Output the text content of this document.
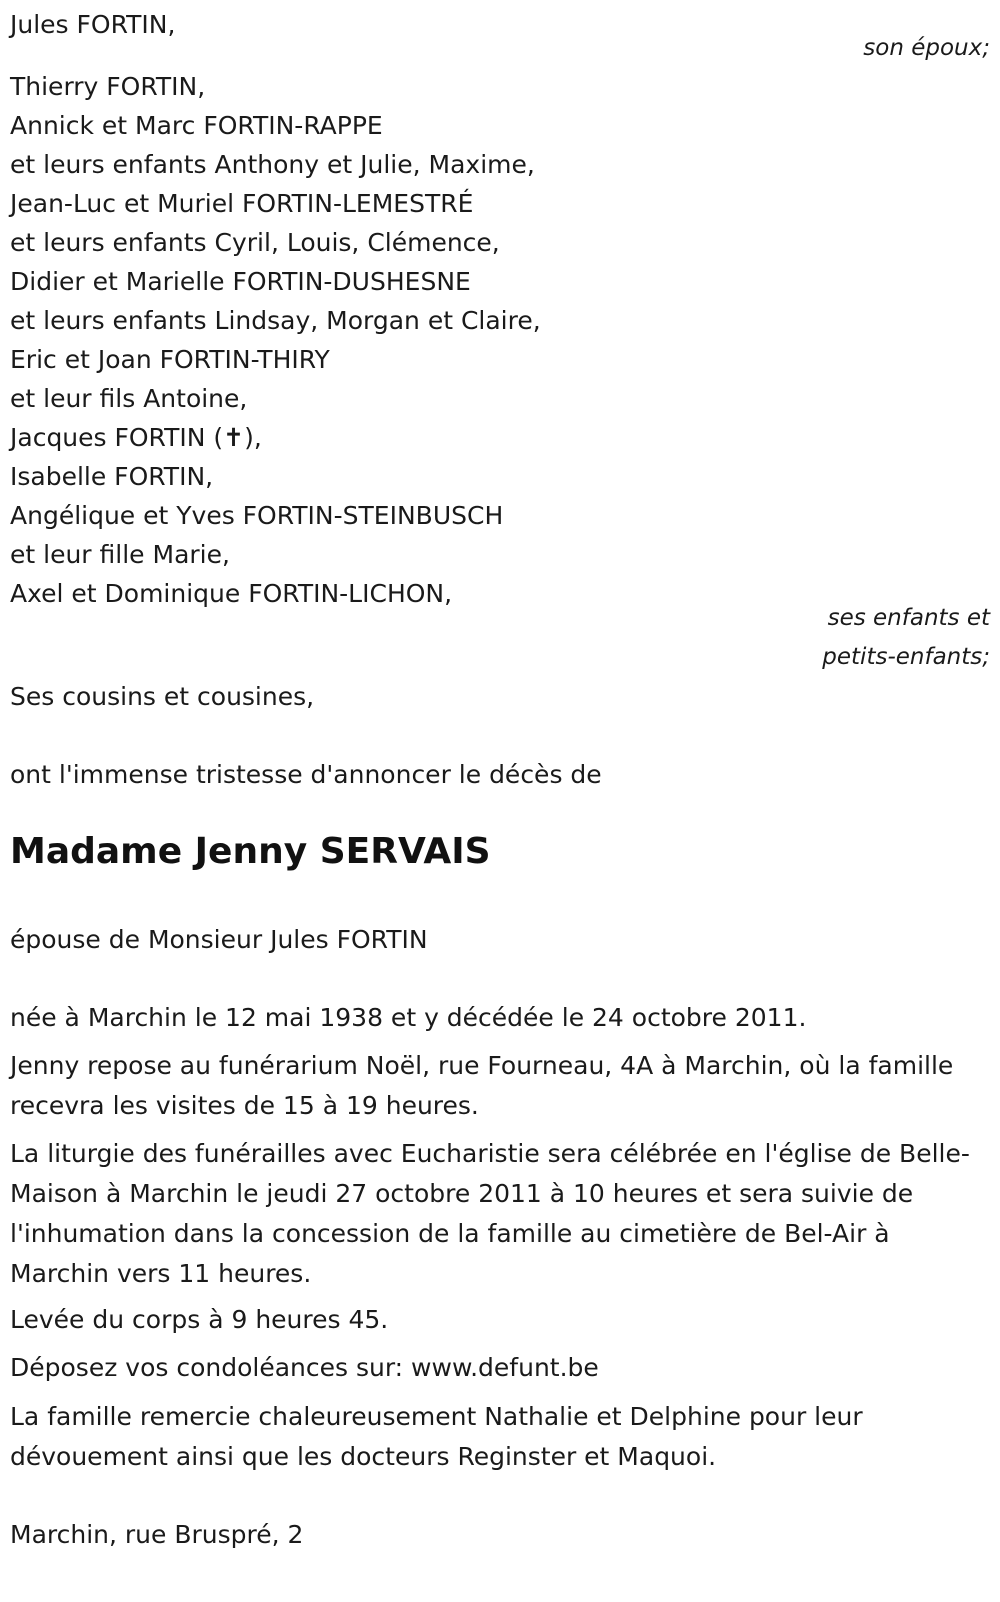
Jules FORTIN,
son époux;
Thierry FORTIN,
Annick et Marc FORTIN-RAPPE
et leurs enfants Anthony et Julie, Maxime,
Jean-Luc et Muriel FORTIN-LEMESTRÉ
et leurs enfants Cyril, Louis, Clémence,
Didier et Marielle FORTIN-DUSHESNE
et leurs enfants Lindsay, Morgan et Claire,
Eric et Joan FORTIN-THIRY
et leur fils Antoine,
Jacques FORTIN (✝),
Isabelle FORTIN,
Angélique et Yves FORTIN-STEINBUSCH
et leur fille Marie,
Axel et Dominique FORTIN-LICHON,
ses enfants et
petits-enfants;
Ses cousins et cousines,
ont l'immense tristesse d'annoncer le décès de
Madame Jenny SERVAIS
épouse de Monsieur Jules FORTIN
née à Marchin le 12 mai 1938 et y décédée le 24 octobre 2011.

Jenny repose au funérarium Noël, rue Fourneau, 4A à Marchin, où la famille recevra les visites de 15 à 19 heures.

La liturgie des funérailles avec Eucharistie sera célébrée en l'église de Belle-Maison à Marchin le jeudi 27 octobre 2011 à 10 heures et sera suivie de l'inhumation dans la concession de la famille au cimetière de Bel-Air à Marchin vers 11 heures.

Levée du corps à 9 heures 45.
Déposez vos condoléances sur: www.defunt.be

La famille remercie chaleureusement Nathalie et Delphine pour leur dévouement ainsi que les docteurs Reginster et Maquoi.

Marchin, rue Bruspré, 2
